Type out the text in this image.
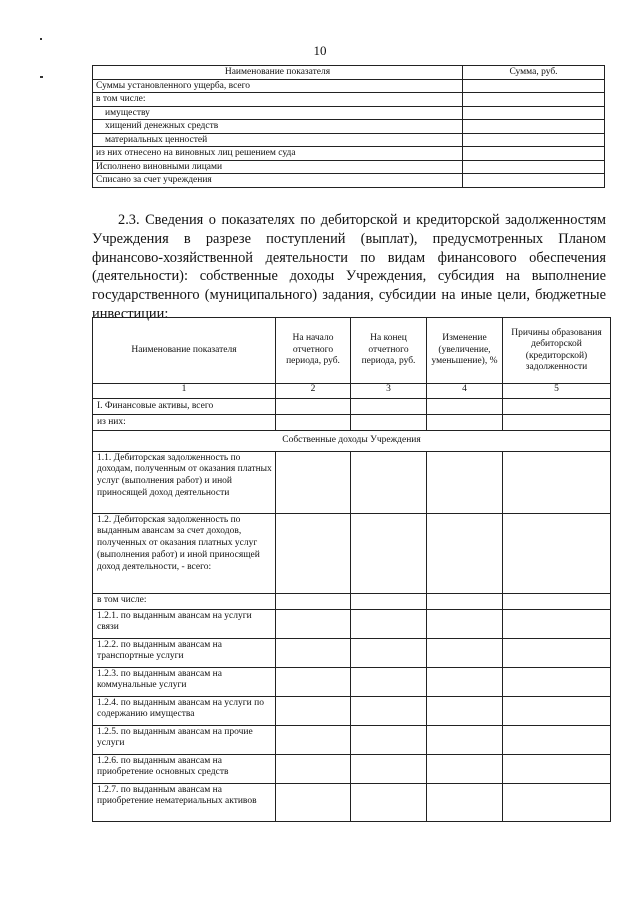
10
Наименование показателя	Сумма, руб.
Суммы установленного ущерба, всего	
в том числе:	
имуществу	
хищений денежных средств	
материальных ценностей	
из них отнесено на виновных лиц решением суда	
Исполнено виновными лицами	
Списано за счет учреждения	
2.3. Сведения о показателях по дебиторской и кредиторской задолженностям Учреждения в разрезе поступлений (выплат), предусмотренных Планом финансово-хозяйственной деятельности по видам финансового обеспечения (деятельности): собственные доходы Учреждения, субсидия на выполнение государственного (муниципального) задания, субсидии на иные цели, бюджетные инвестиции:
Наименование показателя	На начало отчетного периода, руб.	На конец отчетного периода, руб.	Изменение (увеличение, уменьшение), %	Причины образования дебиторской (кредиторской) задолженности
1	2	3	4	5
I. Финансовые активы, всего				
из них:				
Собственные доходы Учреждения				
1.1. Дебиторская задолженность по доходам, полученным от оказания платных услуг (выполнения работ) и иной приносящей доход деятельности				
1.2. Дебиторская задолженность по выданным авансам за счет доходов, полученных от оказания платных услуг (выполнения работ) и иной приносящей доход деятельности, - всего:				
в том числе:				
1.2.1. по выданным авансам на услуги связи				
1.2.2. по выданным авансам на транспортные услуги				
1.2.3. по выданным авансам на коммунальные услуги				
1.2.4. по выданным авансам на услуги по содержанию имущества				
1.2.5. по выданным авансам на прочие услуги				
1.2.6. по выданным авансам на приобретение основных средств				
1.2.7. по выданным авансам на приобретение нематериальных активов				
